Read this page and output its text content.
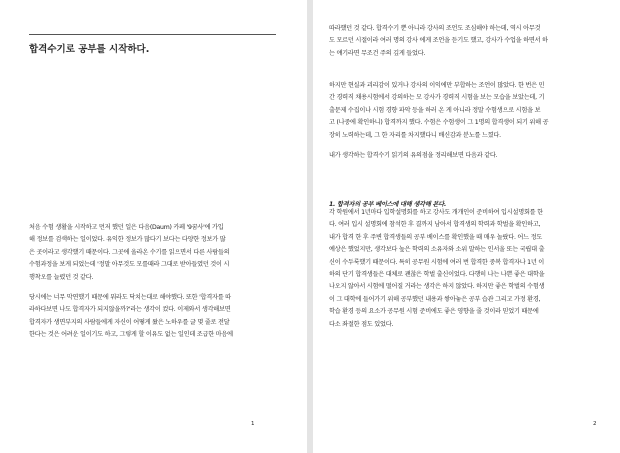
합격수기로 공부를 시작하다.
처음 수험 생활을 시작하고 먼저 했던 일은 다음(Daum) 카페 '9꿈사'에 가입
해 정보를 검색하는 일이었다. 유익한 정보가 많다기 보다는 다양한 정보가 많
은 곳이라고 생각했기 때문이다. 그곳에 올라온 수기를 읽으면서 다른 사람들의
수험과정을 보게 되었는데 '정말 아무것도 모를때라 그대로 받아들였던 것이 시
행착오를 늘렸던 것 같다.
당시에는 너무 막연했기 때문에 뭐라도 닥치는대로 해야했다. 또한 '합격자를 따
라하다보면 나도 합격자가 되지않을까?'라는 생각이 컸다. 이제와서 생각해보면
합격자가 생면부지의 사람들에게 자신이 어떻게 왔은 노하우를 글 몇 줄로 전달
한다는 것은 어려운 일이기도 하고, 그렇게 할 이유도 없는 일인데 조급한 마음에
1
따라했던 것 같다. 합격수기 뿐 아니라 강사의 조언도 조심해야 하는데, 역시 아무것
도 모르던 시절이라 여러 명의 강사 에게 조언을 듣기도 했고, 강사가 수업을 하면서 하
는 얘기라면 무조건 주의 깊게 들었다.
하지만 현실과 괴리감이 있거나 강사의 이익에만 부합하는 조언이 많았다. 한 번은 민
간 경력직 채용시험에서 강의하는 모 강사가 경력직 시험을 보는 모습을 보았는데, 기
출문제 수집이나 시험 경향 파악 등을 하러 온 게 아니라 정말 수험생으로 시험을 보
고 (나중에 확인하니) 합격까지 했다. 수험은 수험생이 그 1명의 합격생이 되기 위해 공
장히 노력하는데, 그 한 자리를 차지했다니 배신감과 분노를 느꼈다.
내가 생각하는 합격수기 읽기의 유의점을 정리해보면 다음과 같다.
1. 합격자의 공부 베이스에 대해 생각해 본다.
각 학원에서 1년마다 입학설명회를 하고 강사도 개개인이 준비하여 입시설명회를 한
다. 여러 입시 설명회에 참석한 후 결까지 남아서 합격생의 학력과 학벌을 확인하고,
내가 합격 한 후 주변 합격생들의 공부 베이스를 확인했을 때 매우 놀랐다. 어느 정도
예상은 했었지만, 생각보다 높은 학력의 소유자와 소위 말하는 인서울 또는 국립대 출
신이 수두룩했기 때문이다. 특히 공무원 시험에 여러 번 합격한 중복 합격자나 1년 이
하의 단기 합격생들은 대체로 괜찮은 학벌 출신이었다. 다행히 나는 나쁜 좋은 대학을
나오지 않아서 시험에 떨어질 거라는 생각은 하지 않았다. 하지만 좋은 학벌의 수험생
이 그 대학에 들어가기 위해 공부했던 내용과 쌓아놓은 공부 습관 그리고 가정 환경,
학습 환경 등의 요소가 공무원 시험 준비에도 좋은 영향을 줄 것이라 믿었기 때문에
다소 좌절한 점도 있었다.
2
